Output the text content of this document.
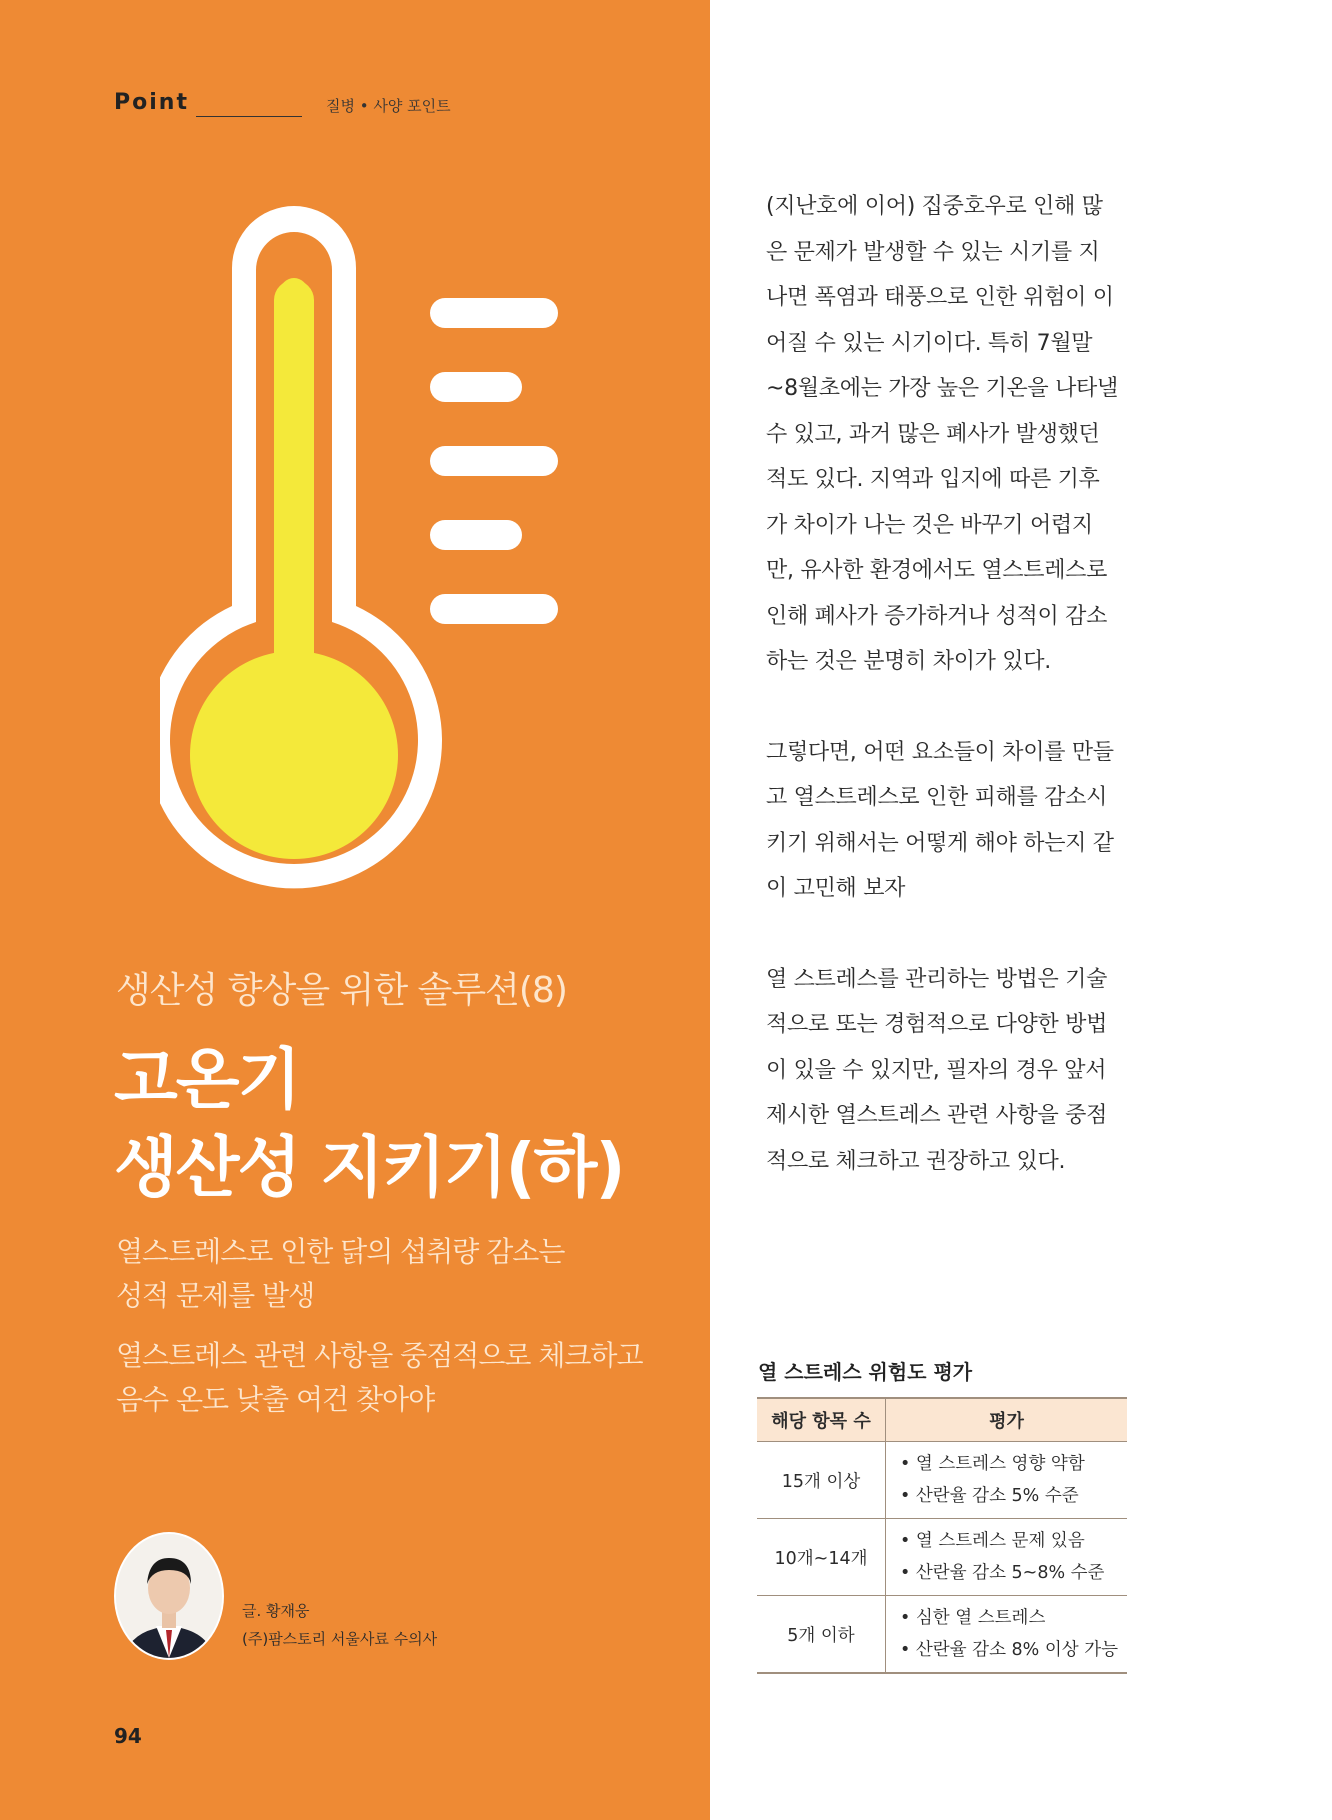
Point	질병 • 사양 포인트
생산성 향상을 위한 솔루션(8)
고온기
생산성 지키기(하)
열스트레스로 인한 닭의 섭취량 감소는
성적 문제를 발생
열스트레스 관련 사항을 중점적으로 체크하고
음수 온도 낮출 여건 찾아야
글. 황재웅
(주)팜스토리 서울사료 수의사
94

(지난호에 이어) 집중호우로 인해 많은 문제가 발생할 수 있는 시기를 지나면 폭염과 태풍으로 인한 위험이 이어질 수 있는 시기이다. 특히 7월말~8월초에는 가장 높은 기온을 나타낼 수 있고, 과거 많은 폐사가 발생했던 적도 있다. 지역과 입지에 따른 기후가 차이가 나는 것은 바꾸기 어렵지만, 유사한 환경에서도 열스트레스로 인해 폐사가 증가하거나 성적이 감소하는 것은 분명히 차이가 있다.

그렇다면, 어떤 요소들이 차이를 만들고 열스트레스로 인한 피해를 감소시키기 위해서는 어떻게 해야 하는지 같이 고민해 보자

열 스트레스를 관리하는 방법은 기술적으로 또는 경험적으로 다양한 방법이 있을 수 있지만, 필자의 경우 앞서 제시한 열스트레스 관련 사항을 중점적으로 체크하고 권장하고 있다.

열 스트레스 위험도 평가
해당 항목 수	평가
15개 이상	• 열 스트레스 영향 약함
• 산란율 감소 5% 수준

10개~14개	• 열 스트레스 문제 있음
• 산란율 감소 5~8% 수준

5개 이하	• 심한 열 스트레스
• 산란율 감소 8% 이상 가능
